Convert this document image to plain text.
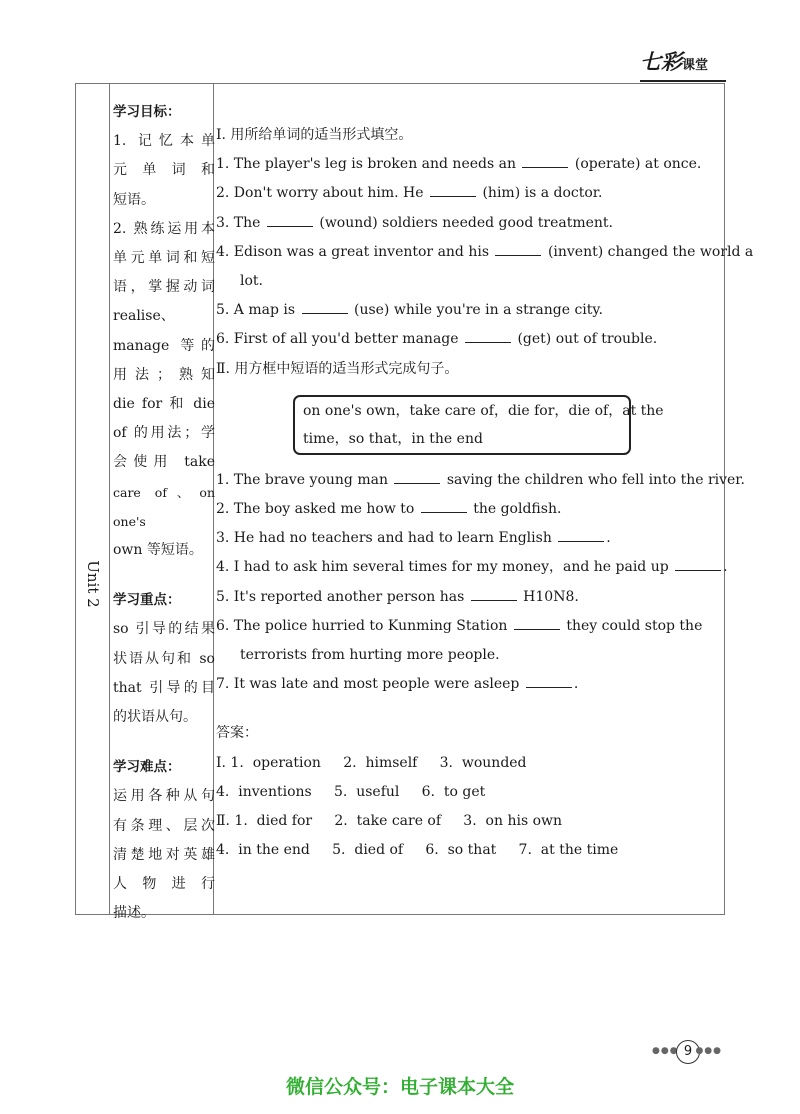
七彩课堂
Unit 2
学习目标：
1. 记忆本单
元单词和
短语。
2. 熟练运用本
单元单词和短
语，掌握动词
realise、
manage 等的
用法；熟知
die for 和 die
of 的用法；学
会使用 take
care of、on one's
own 等短语。
学习重点：
so 引导的结果
状语从句和 so
that 引导的目
的状语从句。
学习难点：
运用各种从句
有条理、层次
清楚地对英雄
人物进行
描述。
Ⅰ. 用所给单词的适当形式填空。
1. The player's leg is broken and needs an	(operate) at once.
2. Don't worry about him. He	(him) is a doctor.
3. The	(wound) soldiers needed good treatment.
4. Edison was a great inventor and his	(invent) changed the world a
lot.
5. A map is	(use) while you're in a strange city.
6. First of all you'd better manage	(get) out of trouble.
Ⅱ. 用方框中短语的适当形式完成句子。
on one's own，take care of，die for，die of，at the
time，so that，in the end
1. The brave young man	saving the children who fell into the river.
2. The boy asked me how to	the goldfish.
3. He had no teachers and had to learn English	.
4. I had to ask him several times for my money，and he paid up	.
5. It's reported another person has	H10N8.
6. The police hurried to Kunming Station	they could stop the
terrorists from hurting more people.
7. It was late and most people were asleep	.
答案：
Ⅰ. 1.  operation     2.  himself     3.  wounded
4.  inventions     5.  useful     6.  to get
Ⅱ. 1.  died for     2.  take care of     3.  on his own
4.  in the end     5.  died of     6.  so that     7.  at the time
●●● 9 ●●●
微信公众号：电子课本大全
